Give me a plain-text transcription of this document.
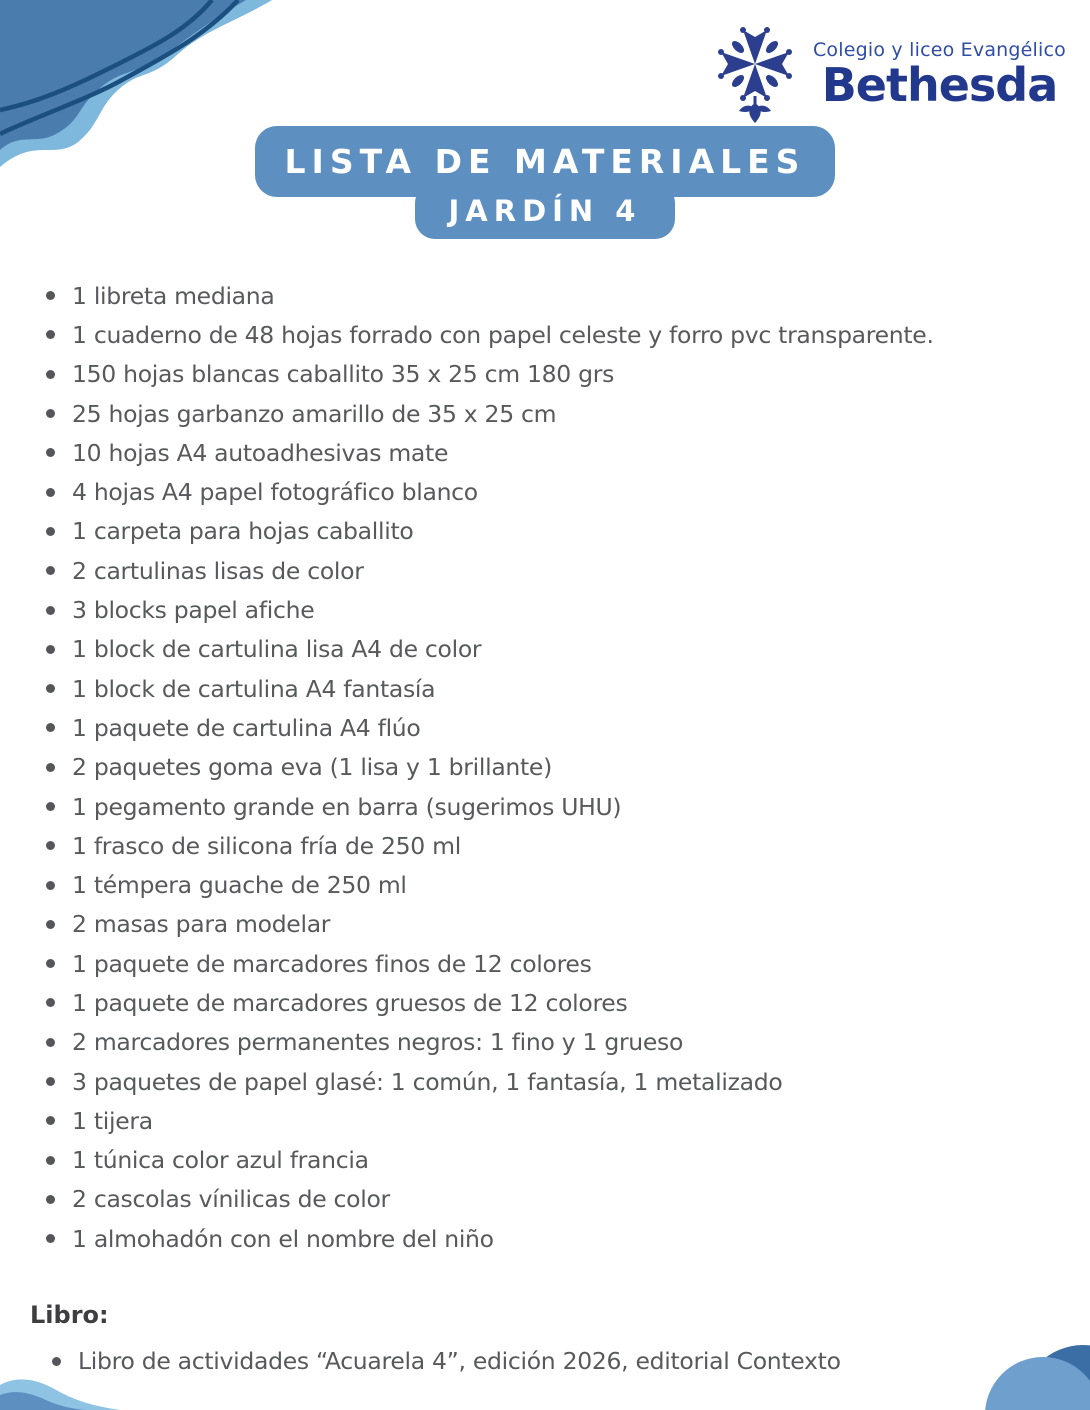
Colegio y liceo Evangélico
Bethesda
LISTA DE MATERIALES
JARDÍN 4
1 libreta mediana
1 cuaderno de 48 hojas forrado con papel celeste y forro pvc transparente.
150 hojas blancas caballito 35 x 25 cm 180 grs
25 hojas garbanzo amarillo de 35 x 25 cm
10 hojas A4 autoadhesivas mate
4 hojas A4 papel fotográfico blanco
1 carpeta para hojas caballito
2 cartulinas lisas de color
3 blocks papel afiche
1 block de cartulina lisa A4 de color
1 block de cartulina A4 fantasía
1 paquete de cartulina A4 flúo
2 paquetes goma eva (1 lisa y 1 brillante)
1 pegamento grande en barra (sugerimos UHU)
1 frasco de silicona fría de 250 ml
1 témpera guache de 250 ml
2 masas para modelar
1 paquete de marcadores finos de 12 colores
1 paquete de marcadores gruesos de 12 colores
2 marcadores permanentes negros: 1 fino y 1 grueso
3 paquetes de papel glasé: 1 común, 1 fantasía, 1 metalizado
1 tijera
1 túnica color azul francia
2 cascolas vínilicas de color
1 almohadón con el nombre del niño
Libro:
Libro de actividades “Acuarela 4”, edición 2026, editorial Contexto
